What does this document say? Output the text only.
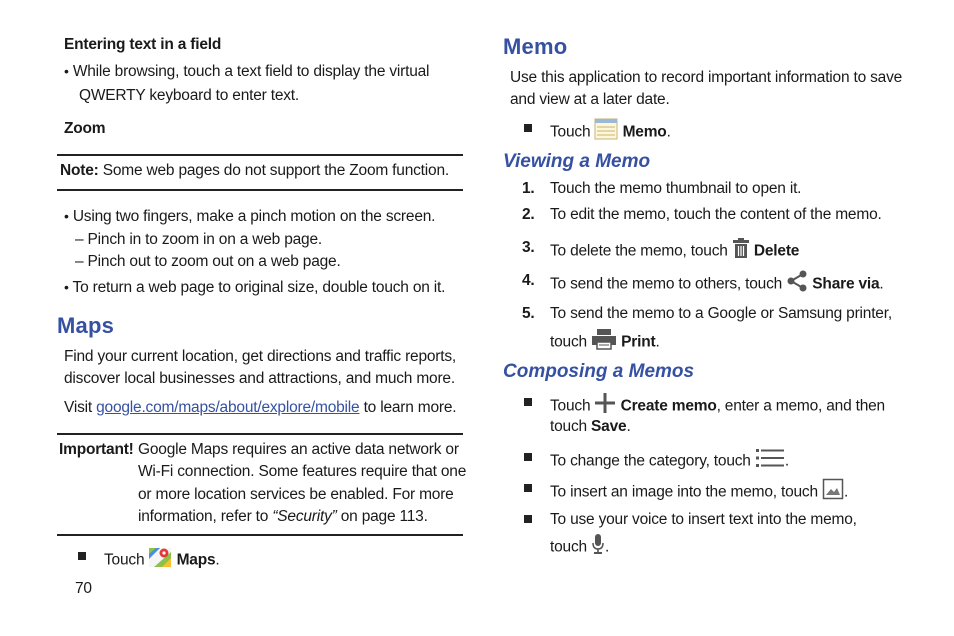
Entering text in a field
• While browsing, touch a text field to display the virtual
QWERTY keyboard to enter text.
Zoom
Note: Some web pages do not support the Zoom function.
• Using two fingers, make a pinch motion on the screen.
– Pinch in to zoom in on a web page.
– Pinch out to zoom out on a web page.
• To return a web page to original size, double touch on it.
Maps
Find your current location, get directions and traffic reports,
discover local businesses and attractions, and much more.
Visit google.com/maps/about/explore/mobile to learn more.
Important! Google Maps requires an active data network or
Wi-Fi connection. Some features require that one
or more location services be enabled. For more
information, refer to “Security” on page 113.
Touch  Maps.
70
Memo
Use this application to record important information to save
and view at a later date.
Touch  Memo.
Viewing a Memo
1. Touch the memo thumbnail to open it.
2. To edit the memo, touch the content of the memo.
3. To delete the memo, touch  Delete
4. To send the memo to others, touch  Share via.
5. To send the memo to a Google or Samsung printer,
touch  Print.
Composing a Memos
Touch  Create memo, enter a memo, and then
touch Save.
To change the category, touch .
To insert an image into the memo, touch .
To use your voice to insert text into the memo,
touch .
